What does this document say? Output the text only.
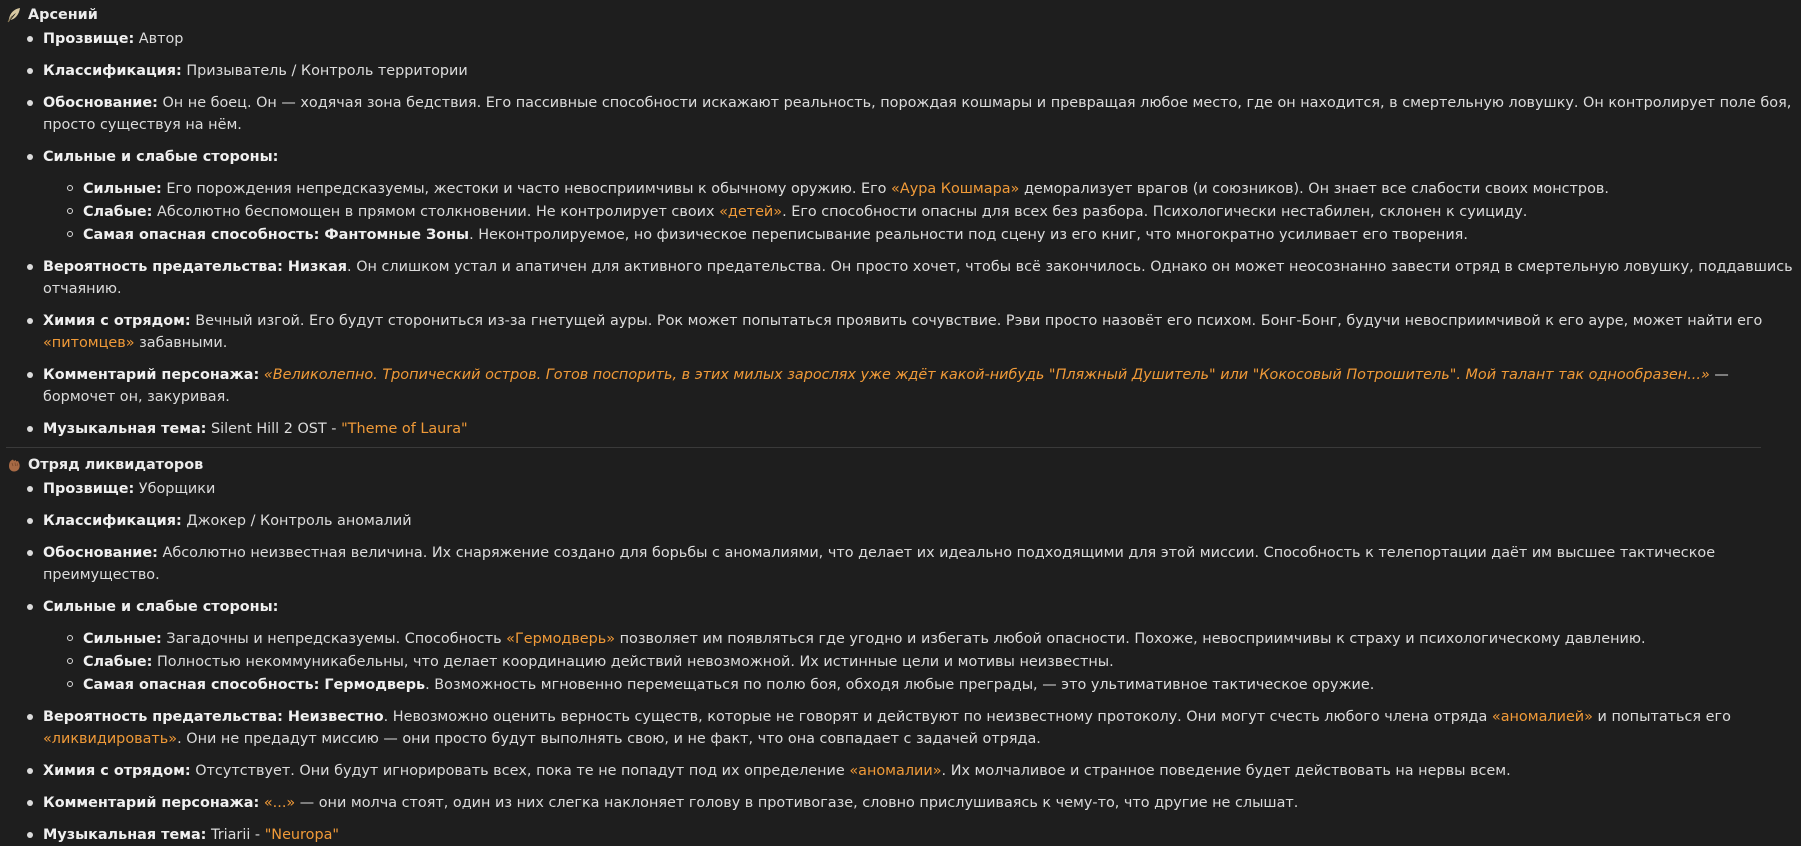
Арсений
Прозвище: Автор
Классификация: Призыватель / Контроль территории
Обоснование: Он не боец. Он — ходячая зона бедствия. Его пассивные способности искажают реальность, порождая кошмары и превращая любое место, где он находится, в смертельную ловушку. Он контролирует поле боя, просто существуя на нём.
Сильные и слабые стороны:
Сильные: Его порождения непредсказуемы, жестоки и часто невосприимчивы к обычному оружию. Его «Аура Кошмара» деморализует врагов (и союзников). Он знает все слабости своих монстров.
Слабые: Абсолютно беспомощен в прямом столкновении. Не контролирует своих «детей». Его способности опасны для всех без разбора. Психологически нестабилен, склонен к суициду.
Самая опасная способность: Фантомные Зоны. Неконтролируемое, но физическое переписывание реальности под сцену из его книг, что многократно усиливает его творения.
Вероятность предательства: Низкая. Он слишком устал и апатичен для активного предательства. Он просто хочет, чтобы всё закончилось. Однако он может неосознанно завести отряд в смертельную ловушку, поддавшись отчаянию.
Химия с отрядом: Вечный изгой. Его будут сторониться из-за гнетущей ауры. Рок может попытаться проявить сочувствие. Рэви просто назовёт его психом. Бонг-Бонг, будучи невосприимчивой к его ауре, может найти его «питомцев» забавными.
Комментарий персонажа: «Великолепно. Тропический остров. Готов поспорить, в этих милых зарослях уже ждёт какой-нибудь "Пляжный Душитель" или "Кокосовый Потрошитель". Мой талант так однообразен...» — бормочет он, закуривая.
Музыкальная тема: Silent Hill 2 OST - "Theme of Laura"
Отряд ликвидаторов
Прозвище: Уборщики
Классификация: Джокер / Контроль аномалий
Обоснование: Абсолютно неизвестная величина. Их снаряжение создано для борьбы с аномалиями, что делает их идеально подходящими для этой миссии. Способность к телепортации даёт им высшее тактическое преимущество.
Сильные и слабые стороны:
Сильные: Загадочны и непредсказуемы. Способность «Гермодверь» позволяет им появляться где угодно и избегать любой опасности. Похоже, невосприимчивы к страху и психологическому давлению.
Слабые: Полностью некоммуникабельны, что делает координацию действий невозможной. Их истинные цели и мотивы неизвестны.
Самая опасная способность: Гермодверь. Возможность мгновенно перемещаться по полю боя, обходя любые преграды, — это ультимативное тактическое оружие.
Вероятность предательства: Неизвестно. Невозможно оценить верность существ, которые не говорят и действуют по неизвестному протоколу. Они могут счесть любого члена отряда «аномалией» и попытаться его «ликвидировать». Они не предадут миссию — они просто будут выполнять свою, и не факт, что она совпадает с задачей отряда.
Химия с отрядом: Отсутствует. Они будут игнорировать всех, пока те не попадут под их определение «аномалии». Их молчаливое и странное поведение будет действовать на нервы всем.
Комментарий персонажа: «...» — они молча стоят, один из них слегка наклоняет голову в противогазе, словно прислушиваясь к чему-то, что другие не слышат.
Музыкальная тема: Triarii - "Neuropa"
